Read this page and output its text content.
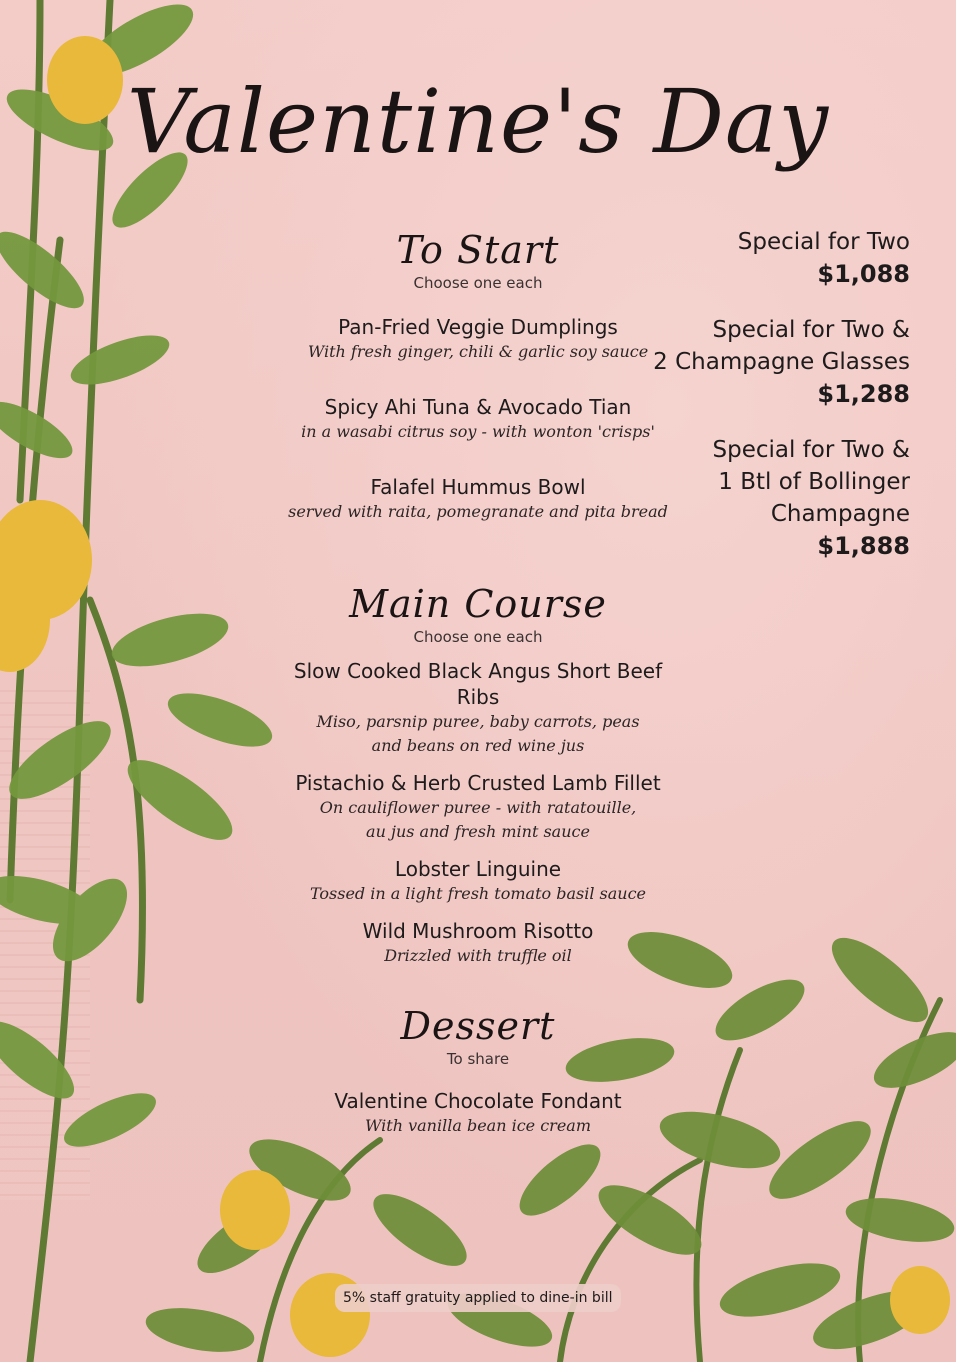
Valentine's Day
To Start
Choose one each
Pan-Fried Veggie Dumplings
With fresh ginger, chili & garlic soy sauce
Spicy Ahi Tuna & Avocado Tian
in a wasabi citrus soy - with wonton 'crisps'
Falafel Hummus Bowl
served with raita, pomegranate and pita bread
Main Course
Choose one each
Slow Cooked Black Angus Short Beef Ribs
Miso, parsnip puree, baby carrots, peas
and beans on red wine jus
Pistachio & Herb Crusted Lamb Fillet
On cauliflower puree - with ratatouille,
au jus and fresh mint sauce
Lobster Linguine
Tossed in a light fresh tomato basil sauce
Wild Mushroom Risotto
Drizzled with truffle oil
Dessert
To share
Valentine Chocolate Fondant
With vanilla bean ice cream
Special for Two
$1,088
Special for Two &
2 Champagne Glasses
$1,288
Special for Two &
1 Btl of Bollinger
Champagne
$1,888
5% staff gratuity applied to dine-in bill
